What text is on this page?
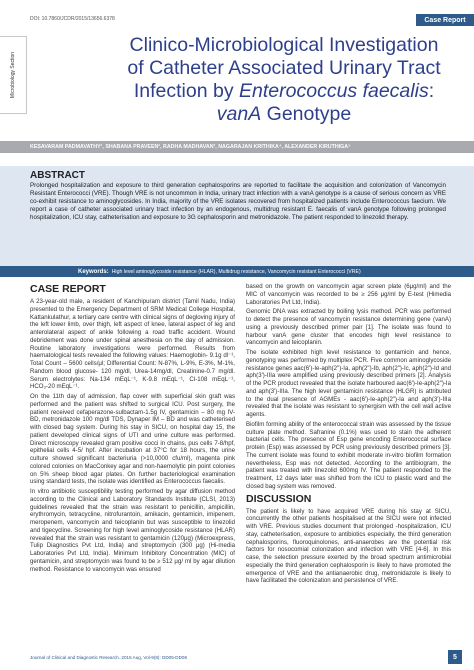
DOI: 10.7860/JCDR/2015/13656.6378	Case Report
Microbiology Section
Clinico-Microbiological Investigation
of Catheter Associated Urinary Tract
Infection by Enterococcus faecalis:
vanA Genotype
KESAVARAM PADMAVATHY¹, SHABANA PRAVEEN², RADHA MADHAVAN³, NAGARAJAN KRITHIKA⁴, ALEXANDER KIRUTHIGA⁵
ABSTRACT
Prolonged hospitalization and exposure to third generation cephalosporins are reported to facilitate the acquisition and colonization of Vancomycin Resistant Enterococci (VRE). Though VRE is not uncommon in India, urinary tract infection with a vanA genotype is a cause of serious concern as VRE co-exhibit resistance to aminoglycosides. In India, majority of the VRE isolates recovered from hospitalized patients include Enterococcus faecium. We report a case of catheter associated urinary tract infection by an endogenous, multidrug resistant E. faecalis of vanA genotype following prolonged hospitalization, ICU stay, catheterisation and exposure to 3G cephalosporin and metronidazole. The patient responded to linezolid therapy.
Keywords: High level aminoglycoside resistance (HLAR), Multidrug resistance, Vancomycin resistant Enterococci (VRE)
CASE REPORT

A 23-year-old male, a resident of Kanchipuram district (Tamil Nadu, India) presented to the Emergency Department of SRM Medical College Hospital, Kattankulathur, a tertiary care centre with clinical signs of degloving injury of the left lower limb, over thigh, left aspect of knee, lateral aspect of leg and anterolateral aspect of ankle following a road traffic accident. Wound debridement was done under spinal anesthesia on the day of admission. Routine laboratory investigations were performed. Results from haematological tests revealed the following values: Haemoglobin- 9.1g dl⁻¹, Total Count – 5600 cells/μl; Differential Count: N-87%, L-9%, E-3%, M-1%, Random blood glucose- 120 mg/dl, Urea-14mg/dl, Creatinine-0.7 mg/dl. Serum electrolytes: Na-134 mEqL⁻¹, K-9.8 mEqL⁻¹, Cl-108 mEqL⁻¹, HCO₃-20 mEqL⁻¹.

On the 11th day of admission, flap cover with superficial skin graft was performed and the patient was shifted to surgical ICU. Post surgery, the patient received cefaperazone-sulbactam-1.5g IV, gentamicin – 80 mg IV-BD, metronidazole 100 mg/dl TDS, Dynaper IM – BD and was catheterised with closed bag system. During his stay in SICU, on hospital day 15, the patient developed clinical signs of UTI and urine culture was performed. Direct microscopy revealed gram positive cocci in chains, pus cells 7-8/hpf, epithelial cells 4-5/ hpf. After incubation at 37°C for 18 hours, the urine culture showed significant bacteriuria (>10,0000 cfu/ml), magenta pink colored colonies on MacConkey agar and non-haemolytic pin point colonies on 5% sheep blood agar plates. On further bacteriological examination using standard tests, the isolate was identified as Enterococcus faecalis.

In vitro antibiotic susceptibility testing performed by agar diffusion method according to the Clinical and Laboratory Standards Institute (CLSI, 2013) guidelines revealed that the strain was resistant to penicillin, ampicillin, erythromycin, tetracycline, nitrofurantoin, amikacin, gentamicin, imipenem, meropenem, vancomycin and teicoplanin but was susceptible to linezolid and tigecycline. Screening for high level aminoglycoside resistance (HLAR) revealed that the strain was resistant to gentamicin (120μg) (Microexpress, Tulip Diagnostics Pvt Ltd, India) and streptomycin (300 μg) (Hi-media Laboratories Pvt Ltd, India). Minimum Inhibitory Concentration (MIC) of gentamicin, and streptomycin was found to be ≥ 512 μg/ ml by agar dilution method. Resistance to vancomycin was ensured

based on the growth on vancomycin agar screen plate (6μg/ml) and the MIC of vancomycin was recorded to be ≥ 256 μg/ml by E-test (Himedia Laboratories Pvt Ltd, India).

Genomic DNA was extracted by boiling lysis method. PCR was performed to detect the presence of vancomycin resistance determining gene (vanA) using a previously described primer pair [1]. The isolate was found to harbour vanA gene cluster that encodes high level resistance to vancomycin and teicoplanin.

The isolate exhibited high level resistance to gentamicin and hence, genotyping was performed by multiplex PCR. Five common aminoglycoside resistance genes aac(6')-Ie-aph(2")-Ia, aph(2")-Ib, aph(2")-Ic, aph(2")-Id and aph(3')-IIIa were amplified using previously described primers [2]. Analysis of the PCR product revealed that the isolate harboured aac(6')-Ie-aph(2")-Ia and aph(3')-IIIa. The high level gentamicin resistance (HLGR) is attributed to the dual presence of AGMEs - aac(6')-Ie-aph(2")-Ia and aph(3')-IIIa revealed that the isolate was resistant to synergism with the cell wall active agents.

Biofilm forming ability of the enterococcal strain was assessed by the tissue culture plate method. Safranine (0.1%) was used to stain the adherent bacterial cells. The presence of Esp gene encoding Enterococcal surface protein (Esp) was assessed by PCR using previously described primers [3]. The current isolate was found to exhibit moderate in-vitro biofilm formation nevertheless, Esp was not detected. According to the antibiogram, the patient was treated with linezolid 600mg IV. The patient responded to the treatment, 12 days later was shifted from the ICU to plastic ward and the closed bag system was removed.

DISCUSSION

The patient is likely to have acquired VRE during his stay at SICU, concurrently the other patients hospitalised at the SICU were not infected with VRE. Previous studies document that prolonged -hospitalization, ICU stay, catheterisation, exposure to antibiotics especially, the third generation cephalosporins, fluoroquinolones, anti-anaerobes are the potential risk factors for nosocomial colonization and infection with VRE [4-6]. In this case, the selection pressure exerted by the broad spectrum antimicrobial especially the third generation cephalosporin is likely to have promoted the emergence of VRE and the antianaerobic drug, metronidazole is likely to have facilitated the colonization and persistence of VRE.

Journal of Clinical and Diagnostic Research. 2015 Aug, Vol-9(8): DD05-DD06	5
